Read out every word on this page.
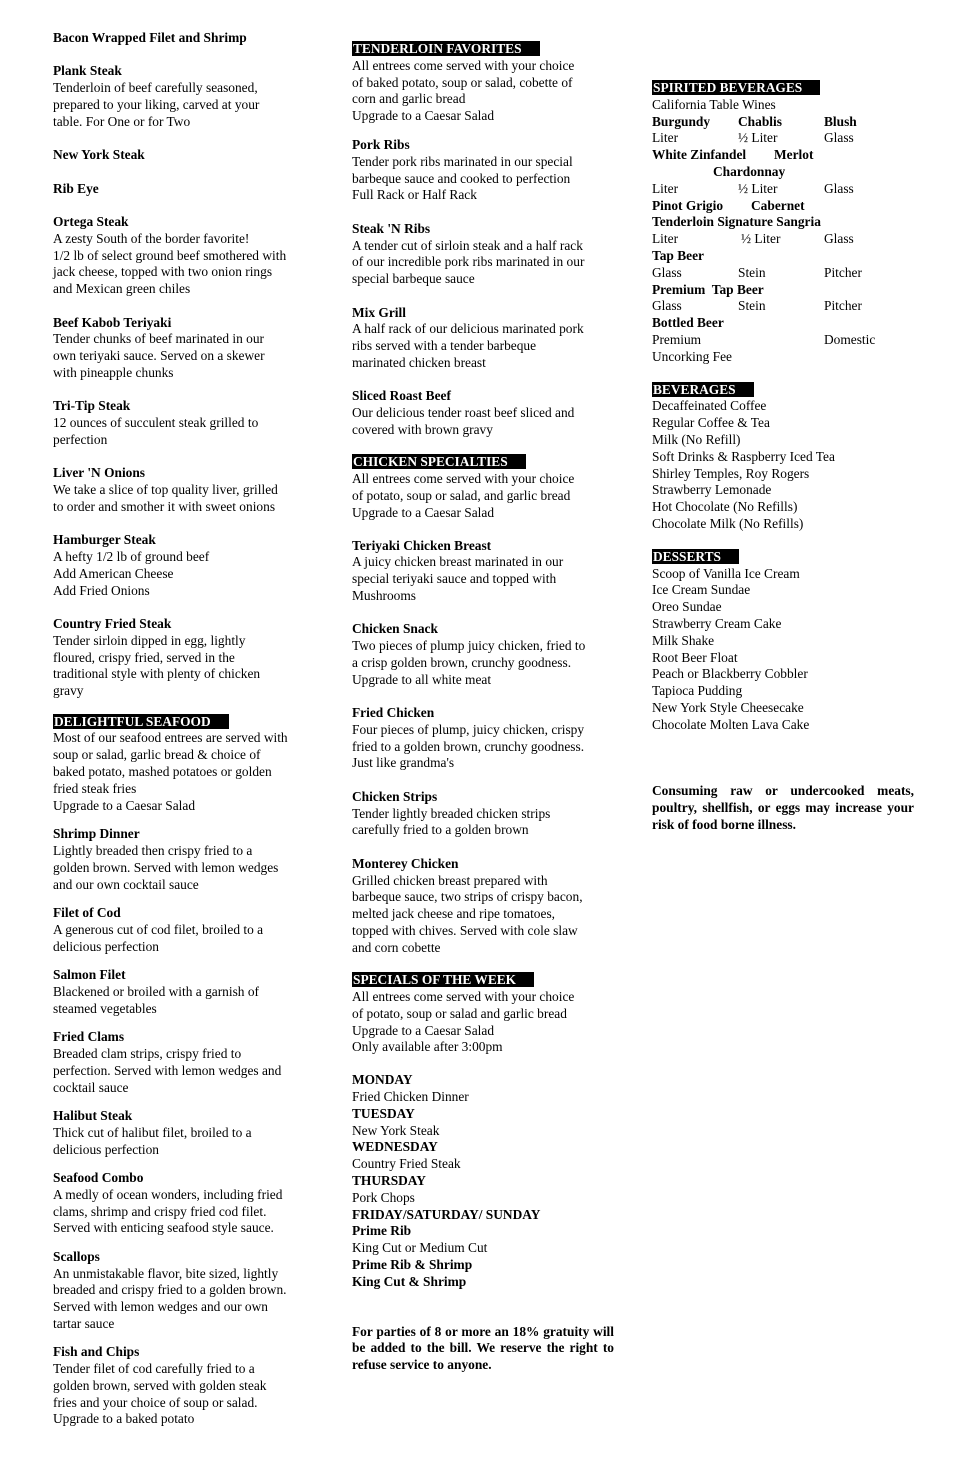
Bacon Wrapped Filet and Shrimp
Plank Steak
Tenderloin of beef carefully seasoned,
prepared to your liking, carved at your
table. For One or for Two
New York Steak
Rib Eye
Ortega Steak
A zesty South of the border favorite!
1/2 lb of select ground beef smothered with
jack cheese, topped with two onion rings
and Mexican green chiles
Beef Kabob Teriyaki
Tender chunks of beef marinated in our
own teriyaki sauce. Served on a skewer
with pineapple chunks
Tri-Tip Steak
12 ounces of succulent steak grilled to
perfection
Liver 'N Onions
We take a slice of top quality liver, grilled
to order and smother it with sweet onions
Hamburger Steak
A hefty 1/2 lb of ground beef
Add American Cheese
Add Fried Onions
Country Fried Steak
Tender sirloin dipped in egg, lightly
floured, crispy fried, served in the
traditional style with plenty of chicken
gravy
DELIGHTFUL SEAFOOD
Most of our seafood entrees are served with
soup or salad, garlic bread & choice of
baked potato, mashed potatoes or golden
fried steak fries
Upgrade to a Caesar Salad
Shrimp Dinner
Lightly breaded then crispy fried to a
golden brown. Served with lemon wedges
and our own cocktail sauce
Filet of Cod
A generous cut of cod filet, broiled to a
delicious perfection
Salmon Filet
Blackened or broiled with a garnish of
steamed vegetables
Fried Clams
Breaded clam strips, crispy fried to
perfection. Served with lemon wedges and
cocktail sauce
Halibut Steak
Thick cut of halibut filet, broiled to a
delicious perfection
Seafood Combo
A medly of ocean wonders, including fried
clams, shrimp and crispy fried cod filet.
Served with enticing seafood style sauce.
Scallops
An unmistakable flavor, bite sized, lightly
breaded and crispy fried to a golden brown.
Served with lemon wedges and our own
tartar sauce
Fish and Chips
Tender filet of cod carefully fried to a
golden brown, served with golden steak
fries and your choice of soup or salad.
Upgrade to a baked potato
TENDERLOIN FAVORITES
All entrees come served with your choice
of baked potato, soup or salad, cobette of
corn and garlic bread
Upgrade to a Caesar Salad
Pork Ribs
Tender pork ribs marinated in our special
barbeque sauce and cooked to perfection
Full Rack or Half Rack
Steak 'N Ribs
A tender cut of sirloin steak and a half rack
of our incredible pork ribs marinated in our
special barbeque sauce
Mix Grill
A half rack of our delicious marinated pork
ribs served with a tender barbeque
marinated chicken breast
Sliced Roast Beef
Our delicious tender roast beef sliced and
covered with brown gravy
CHICKEN SPECIALTIES
All entrees come served with your choice
of potato, soup or salad, and garlic bread
Upgrade to a Caesar Salad
Teriyaki Chicken Breast
A juicy chicken breast marinated in our
special teriyaki sauce and topped with
Mushrooms
Chicken Snack
Two pieces of plump juicy chicken, fried to
a crisp golden brown, crunchy goodness.
Upgrade to all white meat
Fried Chicken
Four pieces of plump, juicy chicken, crispy
fried to a golden brown, crunchy goodness.
Just like grandma's
Chicken Strips
Tender lightly breaded chicken strips
carefully fried to a golden brown
Monterey Chicken
Grilled chicken breast prepared with
barbeque sauce, two strips of crispy bacon,
melted jack cheese and ripe tomatoes,
topped with chives. Served with cole slaw
and corn cobette
SPECIALS OF THE WEEK
All entrees come served with your choice
of potato, soup or salad and garlic bread
Upgrade to a Caesar Salad
Only available after 3:00pm
MONDAY
Fried Chicken Dinner
TUESDAY
New York Steak
WEDNESDAY
Country Fried Steak
THURSDAY
Pork Chops
FRIDAY/SATURDAY/ SUNDAY
Prime Rib
King Cut or Medium Cut
Prime Rib & Shrimp
King Cut & Shrimp
For parties of 8 or more an 18% gratuity will be added to the bill. We reserve the right to refuse service to anyone.
SPIRITED BEVERAGES
California Table Wines
Burgundy	Chablis	Blush
Liter	½ Liter	Glass
White Zinfandel	Merlot
Chardonnay
Liter	½ Liter	Glass
Pinot Grigio	Cabernet
Tenderloin Signature Sangria
Liter	½ Liter	Glass
Tap Beer
Glass	Stein	Pitcher
Premium  Tap Beer
Glass	Stein	Pitcher
Bottled Beer
Premium	Domestic
Uncorking Fee
BEVERAGES
Decaffeinated Coffee
Regular Coffee & Tea
Milk (No Refill)
Soft Drinks & Raspberry Iced Tea
Shirley Temples, Roy Rogers
Strawberry Lemonade
Hot Chocolate (No Refills)
Chocolate Milk (No Refills)
DESSERTS
Scoop of Vanilla Ice Cream
Ice Cream Sundae
Oreo Sundae
Strawberry Cream Cake
Milk Shake
Root Beer Float
Peach or Blackberry Cobbler
Tapioca Pudding
New York Style Cheesecake
Chocolate Molten Lava Cake
Consuming raw or undercooked meats, poultry, shellfish, or eggs may increase your risk of food borne illness.
